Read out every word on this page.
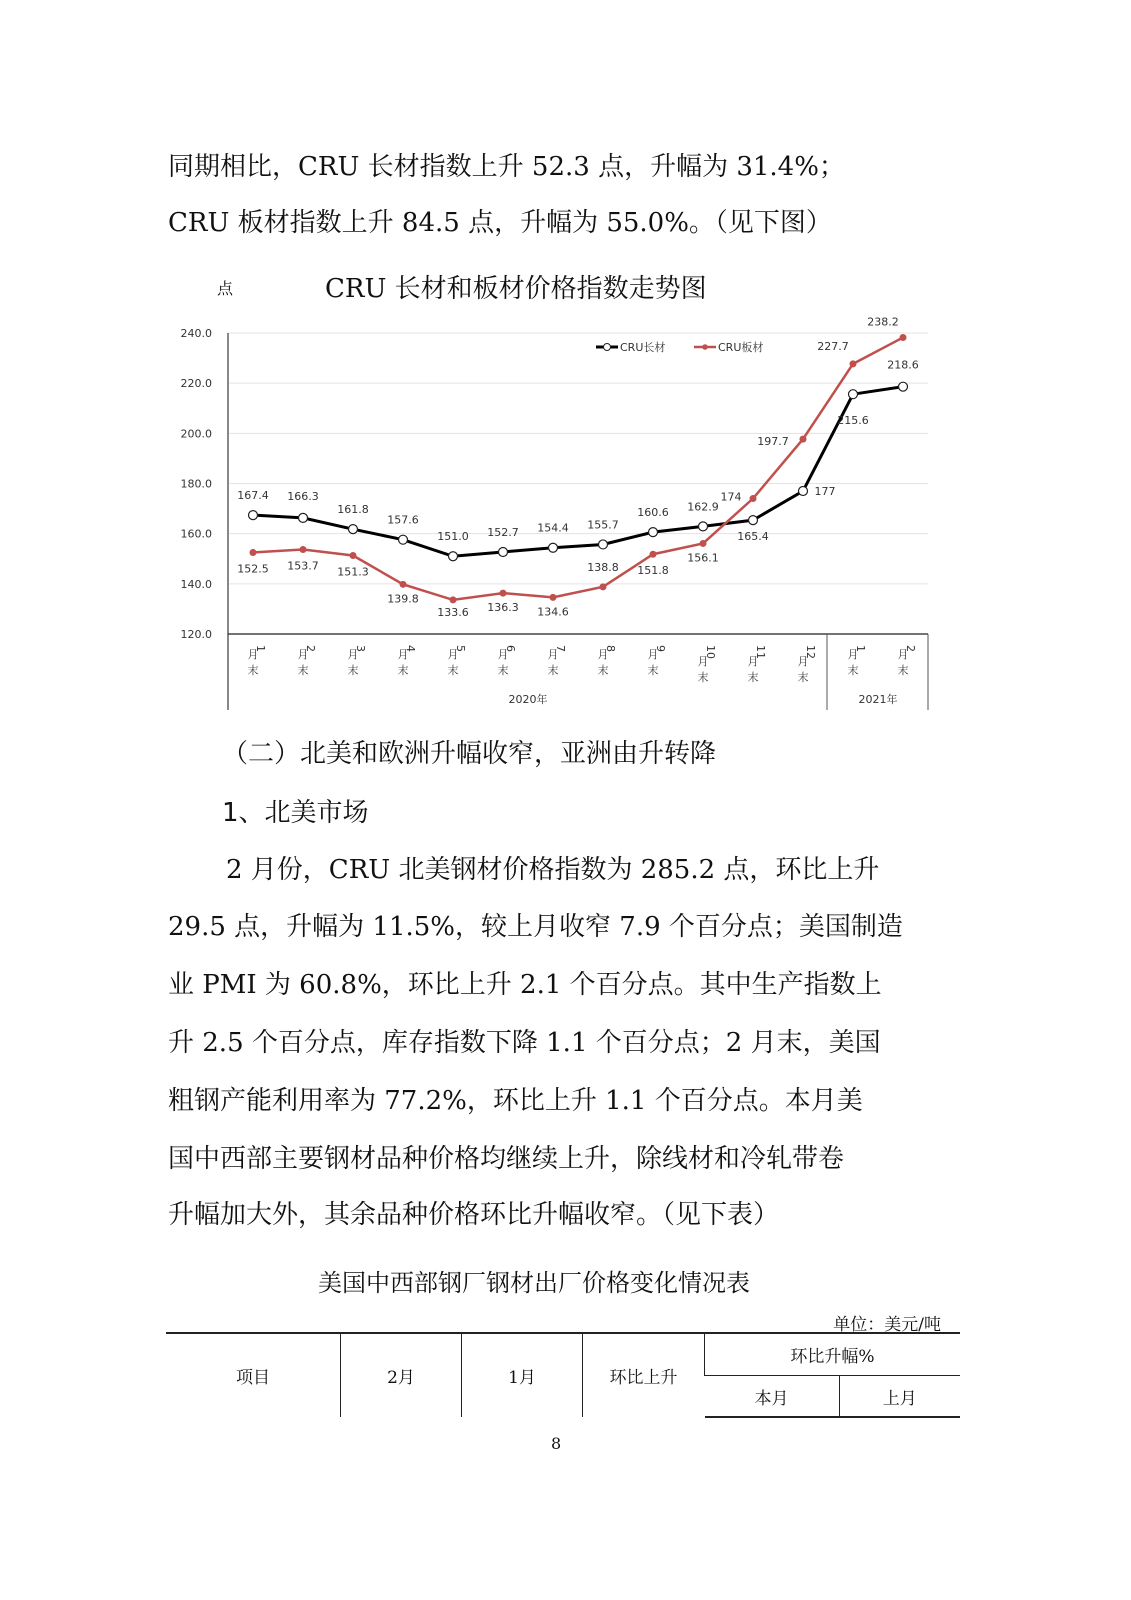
同期相比，CRU 长材指数上升 52.3 点，升幅为 31.4%；
CRU 板材指数上升 84.5 点，升幅为 55.0%。（见下图）
点	CRU 长材和板材价格指数走势图
240.0
220.0
200.0
180.0
160.0
140.0
120.0
1
月
末
2
月
末
3
月
末
4
月
末
5
月
末
6
月
末
7
月
末
8
月
末
9
月
末
10
月
末
11
月
末
12
月
末
1
月
末
2
月
末
2020年	2021年
167.4 166.3
161.8
157.6
151.0 152.7 154.4 155.7
160.6 162.9
165.4
177
215.6
218.6
152.5 153.7 151.3
139.8
133.6 136.3 134.6
138.8 151.8
156.1
174
197.7
227.7
238.2
CRU长材	CRU板材
（二）北美和欧洲升幅收窄，亚洲由升转降
1、北美市场
2 月份，CRU 北美钢材价格指数为 285.2 点，环比上升
29.5 点，升幅为 11.5%，较上月收窄 7.9 个百分点；美国制造
业 PMI 为 60.8%，环比上升 2.1 个百分点。其中生产指数上
升 2.5 个百分点，库存指数下降 1.1 个百分点；2 月末，美国
粗钢产能利用率为 77.2%，环比上升 1.1 个百分点。本月美
国中西部主要钢材品种价格均继续上升，除线材和冷轧带卷
升幅加大外，其余品种价格环比升幅收窄。（见下表）
美国中西部钢厂钢材出厂价格变化情况表
单位：美元/吨
项目	2月	1月	环比上升	环比升幅%	
				本月	上月
8
